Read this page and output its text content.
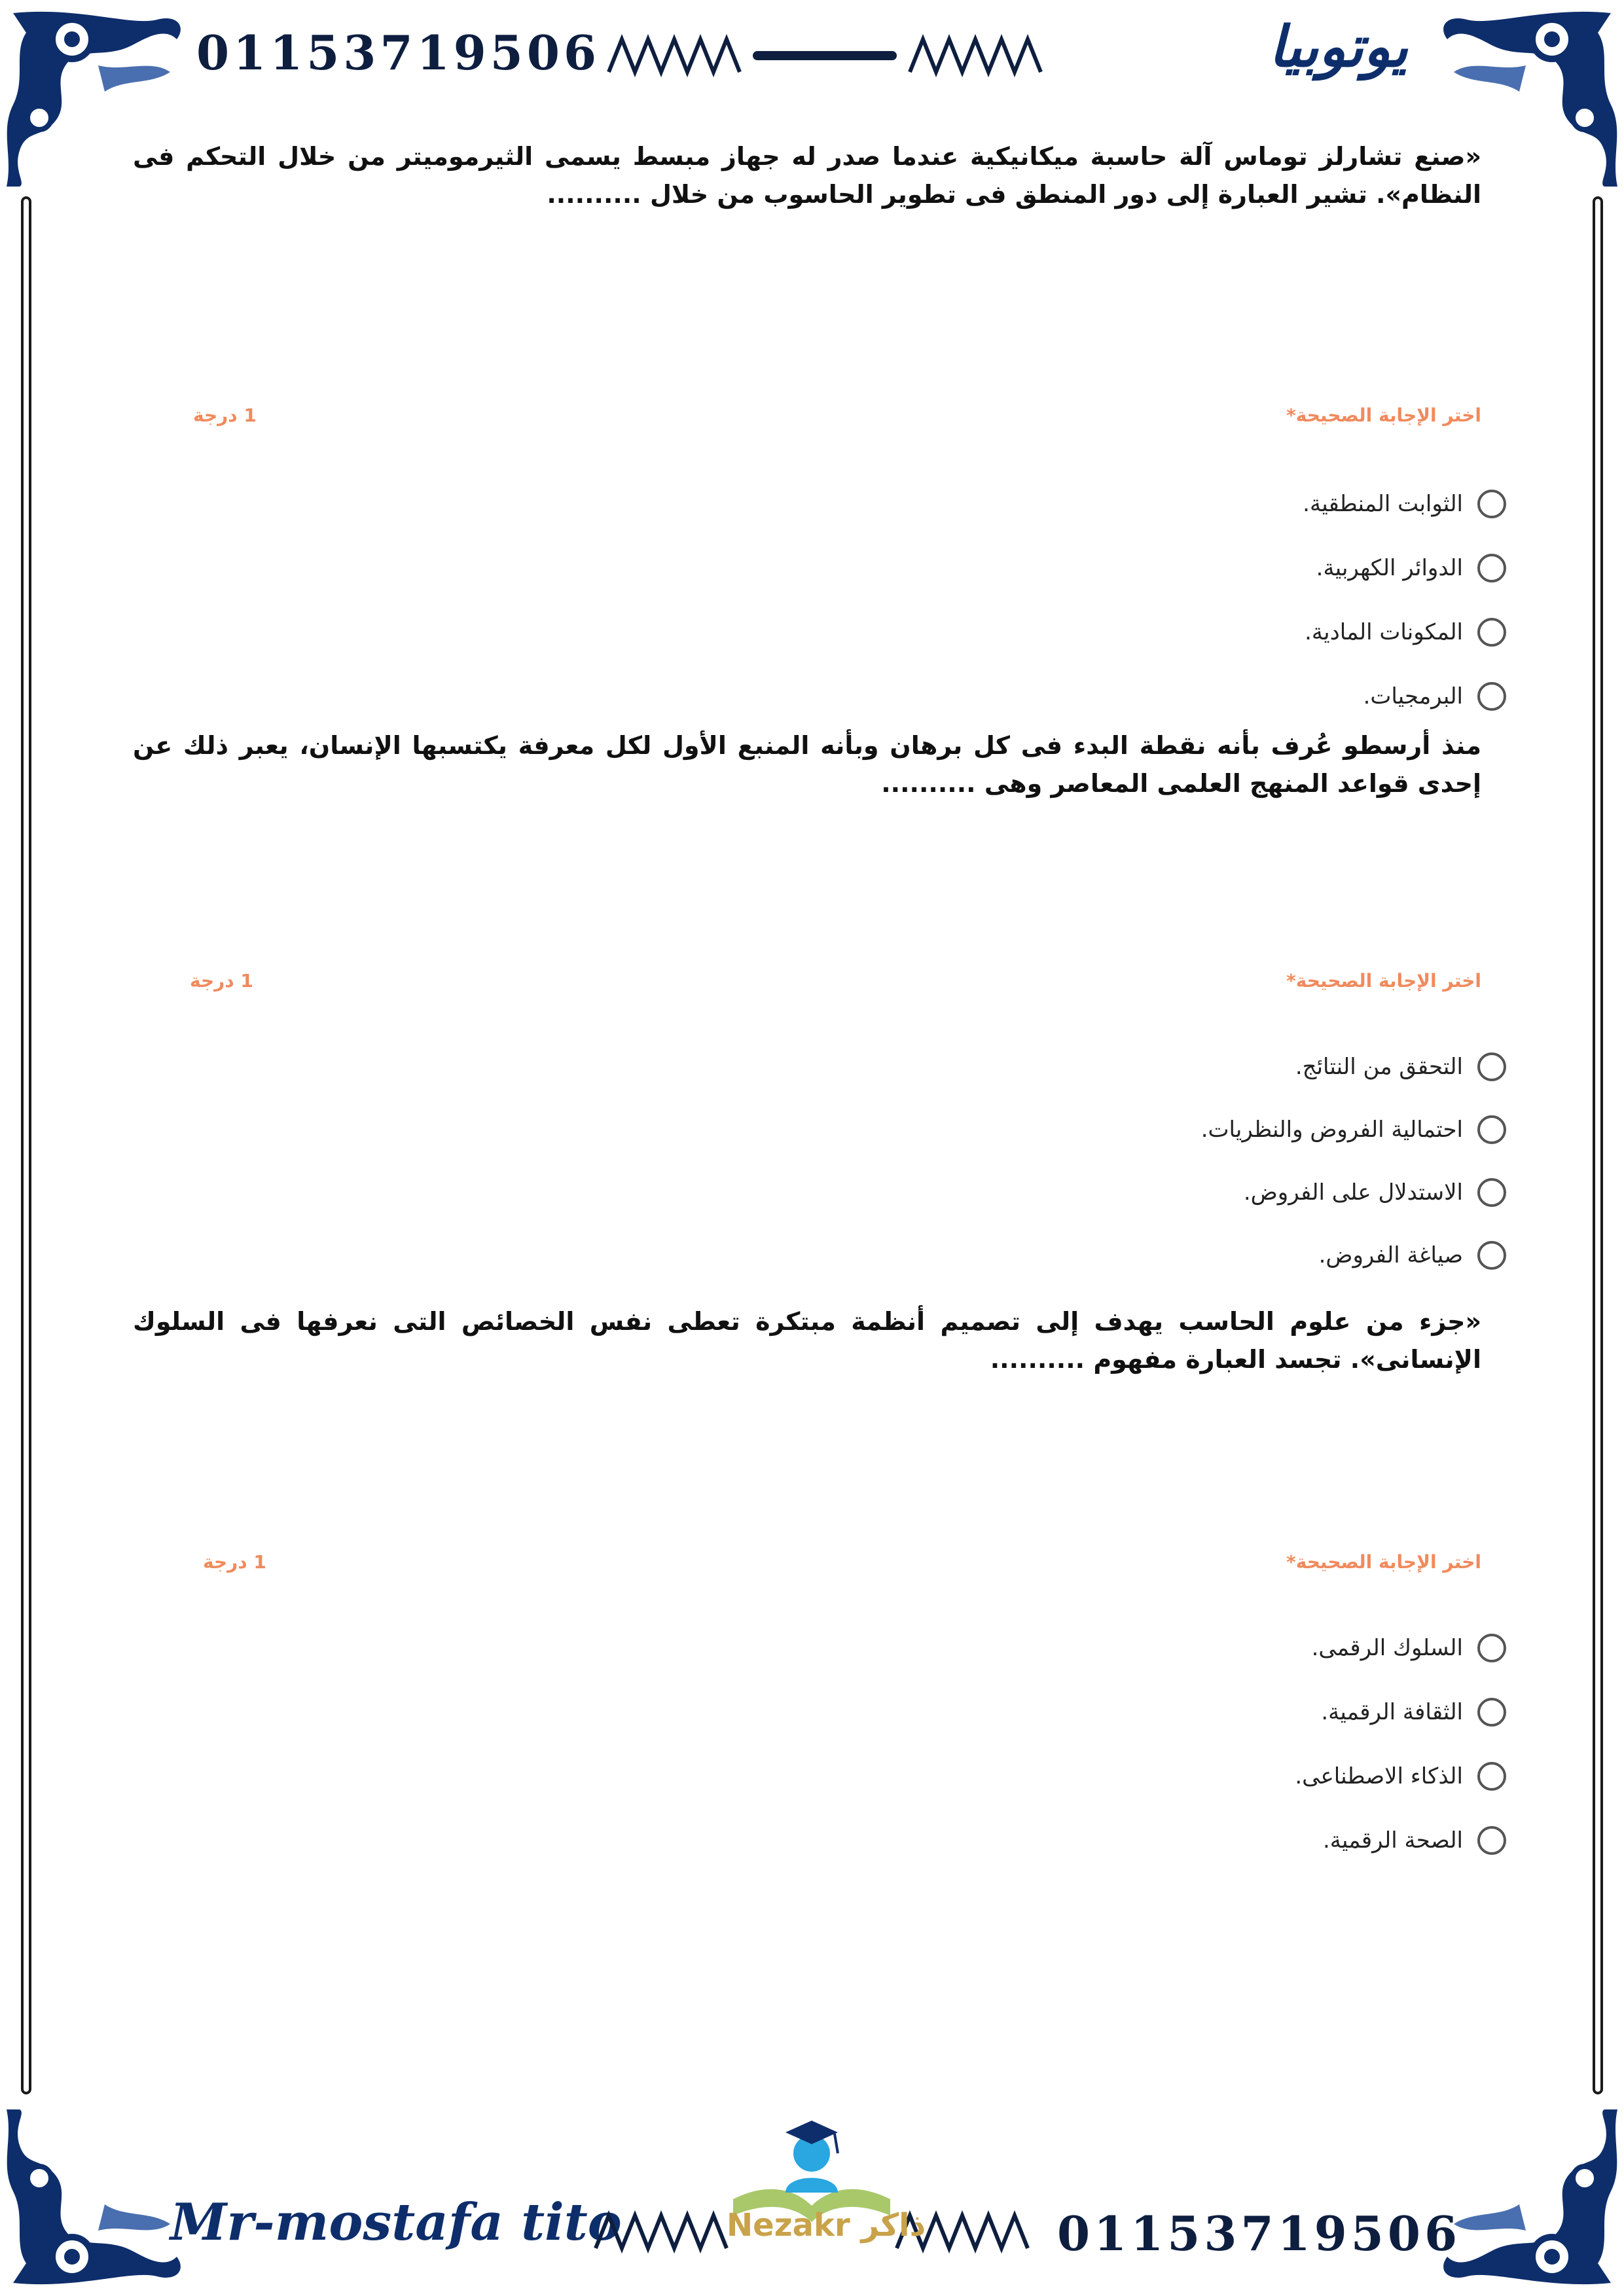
01153719506	يوتوبيا
«صنع تشارلز توماس آلة حاسبة ميكانيكية عندما صدر له جهاز مبسط يسمى الثيرموميتر من خلال التحكم فى النظام». تشير العبارة إلى دور المنطق فى تطوير الحاسوب من خلال ..........
اختر الإجابة الصحيحة*
1 درجة
الثوابت المنطقية.
الدوائر الكهربية.
المكونات المادية.
البرمجيات.
منذ أرسطو عُرف بأنه نقطة البدء فى كل برهان وبأنه المنبع الأول لكل معرفة يكتسبها الإنسان، يعبر ذلك عن إحدى قواعد المنهج العلمى المعاصر وهى ..........
اختر الإجابة الصحيحة*
1 درجة
التحقق من النتائج.
احتمالية الفروض والنظريات.
الاستدلال على الفروض.
صياغة الفروض.
«جزء من علوم الحاسب يهدف إلى تصميم أنظمة مبتكرة تعطى نفس الخصائص التى نعرفها فى السلوك الإنسانى». تجسد العبارة مفهوم ..........
اختر الإجابة الصحيحة*
1 درجة
السلوك الرقمى.
الثقافة الرقمية.
الذكاء الاصطناعى.
الصحة الرقمية.
Mr-mostafa tito	Nezakr ذاكر	01153719506
